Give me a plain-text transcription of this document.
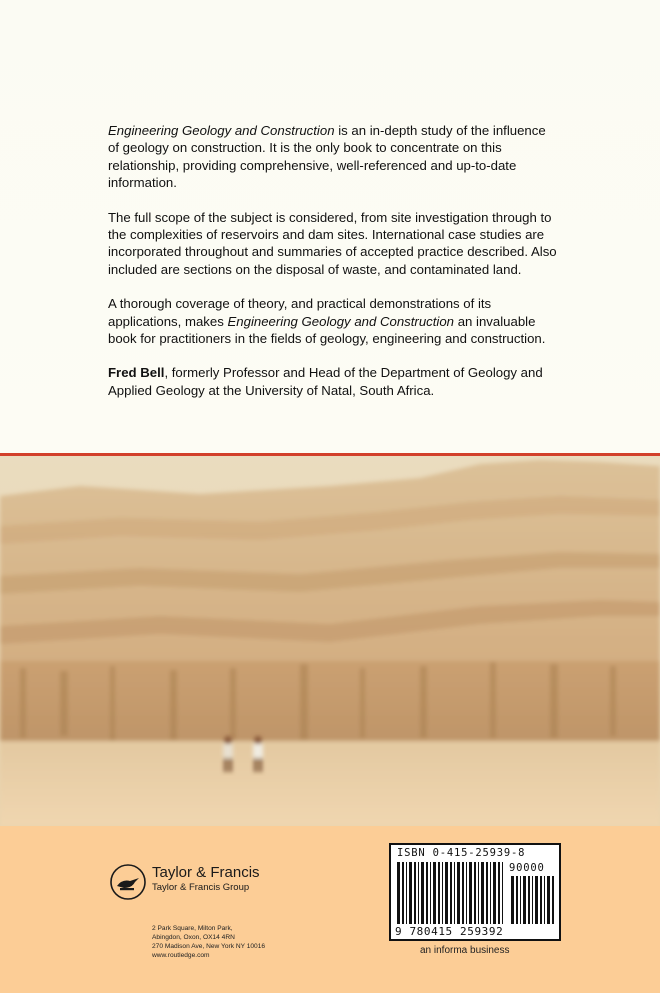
Engineering Geology and Construction is an in-depth study of the influence of geology on construction. It is the only book to concentrate on this relationship, providing comprehensive, well-referenced and up-to-date information.

The full scope of the subject is considered, from site investigation through to the complexities of reservoirs and dam sites. International case studies are incorporated throughout and summaries of accepted practice described. Also included are sections on the disposal of waste, and contaminated land.

A thorough coverage of theory, and practical demonstrations of its applications, makes Engineering Geology and Construction an invaluable book for practitioners in the fields of geology, engineering and construction.

Fred Bell, formerly Professor and Head of the Department of Geology and Applied Geology at the University of Natal, South Africa.

Taylor & Francis
Taylor & Francis Group
2 Park Square, Milton Park,
Abingdon, Oxon, OX14 4RN
270 Madison Ave, New York NY 10016
www.routledge.com
ISBN 0-415-25939-8
90000
9 780415 259392
an informa business
